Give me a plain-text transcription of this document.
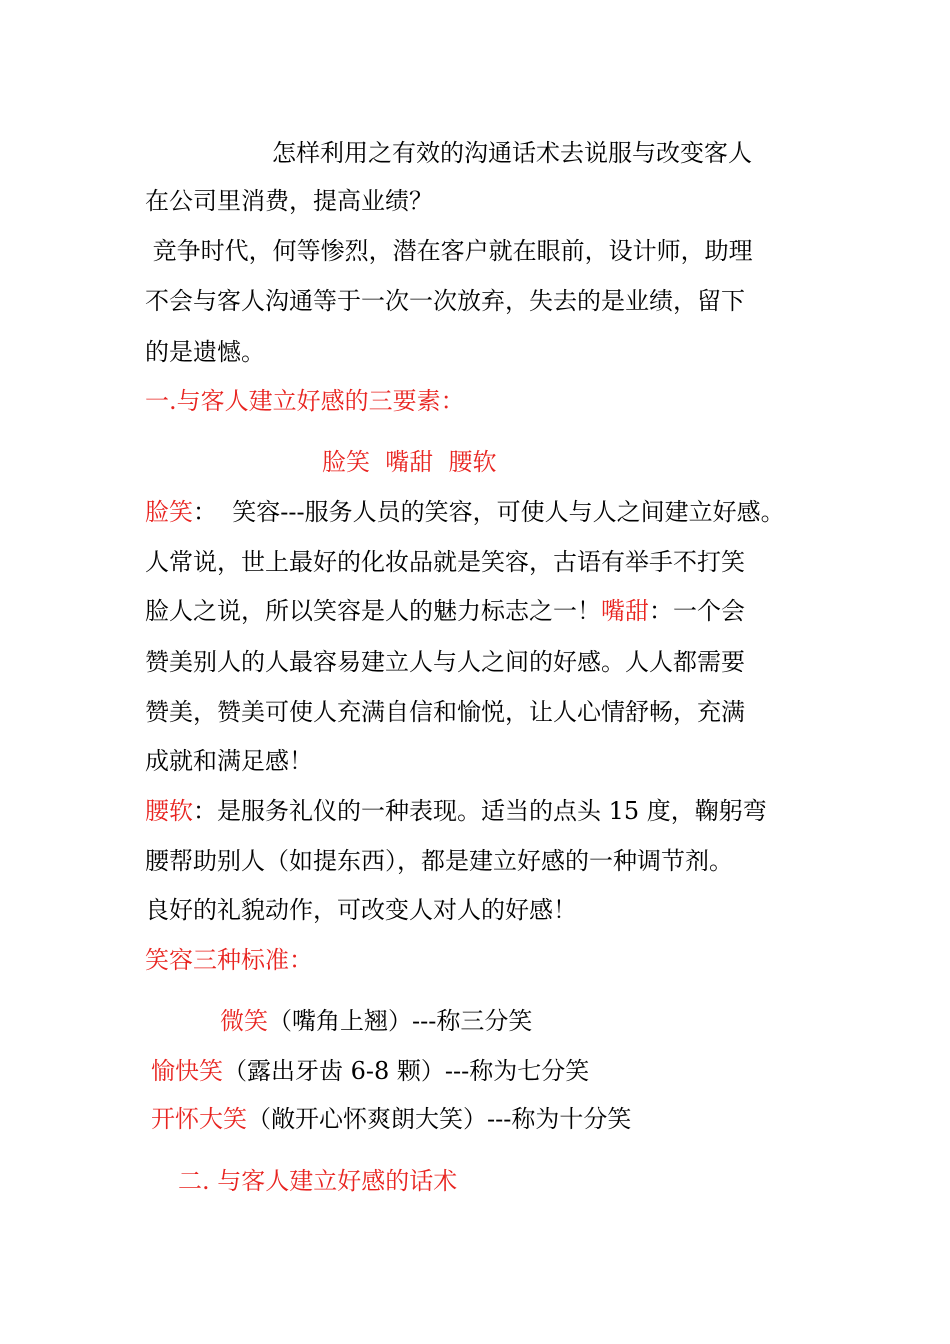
怎样利用之有效的沟通话术去说服与改变客人
在公司里消费，提高业绩？
竞争时代，何等惨烈，潜在客户就在眼前，设计师，助理
不会与客人沟通等于一次一次放弃，失去的是业绩，留下
的是遗憾。
一.与客人建立好感的三要素：
脸笑  嘴甜  腰软
脸笑：  笑容---服务人员的笑容，可使人与人之间建立好感。
人常说，世上最好的化妆品就是笑容，古语有举手不打笑
脸人之说，所以笑容是人的魅力标志之一！嘴甜：一个会
赞美别人的人最容易建立人与人之间的好感。人人都需要
赞美，赞美可使人充满自信和愉悦，让人心情舒畅，充满
成就和满足感！
腰软：是服务礼仪的一种表现。适当的点头 15 度，鞠躬弯
腰帮助别人（如提东西），都是建立好感的一种调节剂。
良好的礼貌动作，可改变人对人的好感！
笑容三种标准：
微笑（嘴角上翘）---称三分笑
愉快笑（露出牙齿 6-8 颗）---称为七分笑
开怀大笑（敞开心怀爽朗大笑）---称为十分笑
二. 与客人建立好感的话术
